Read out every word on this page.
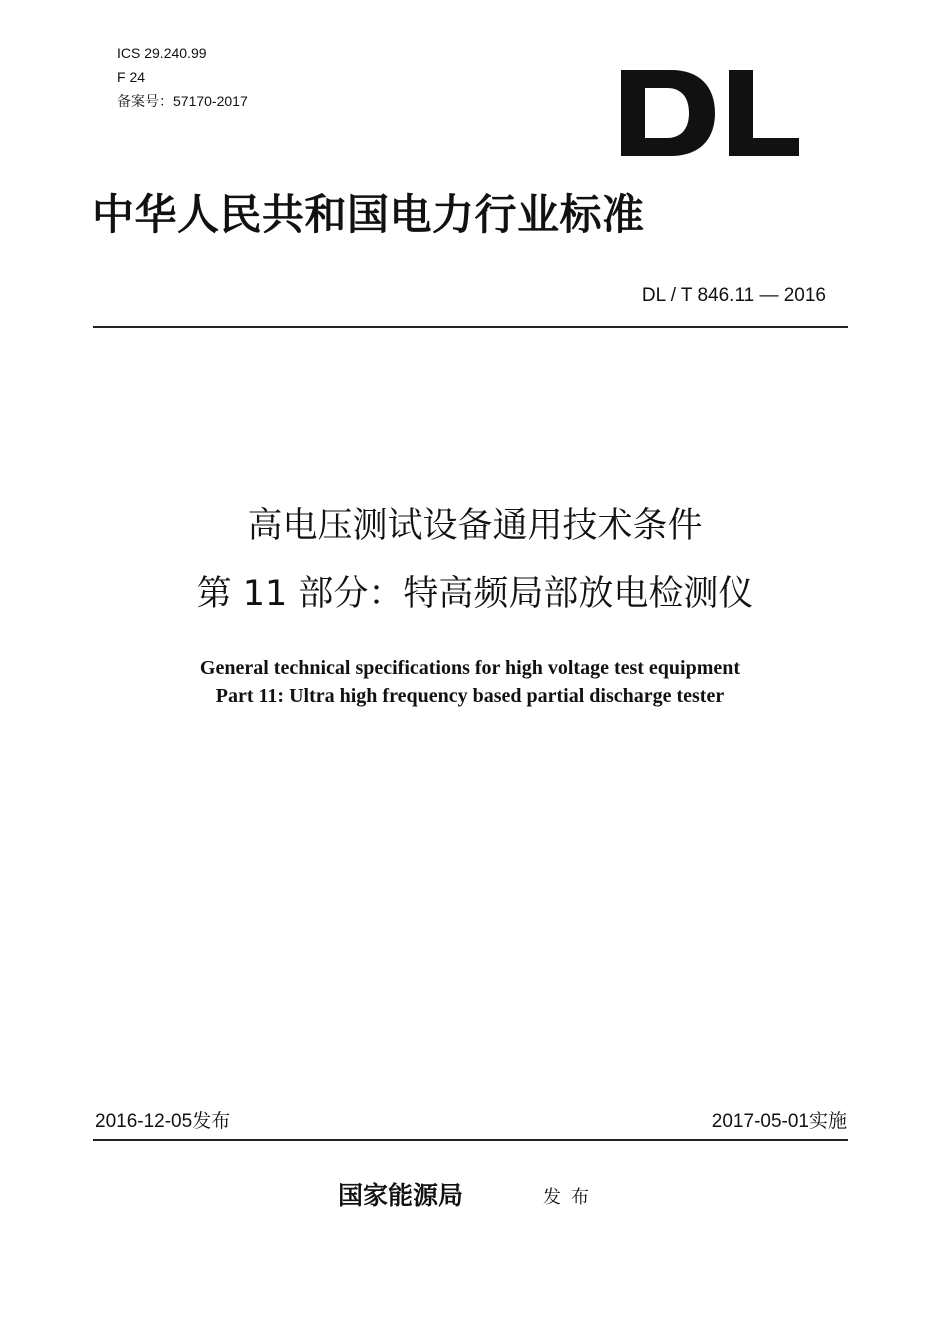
ICS 29.240.99
F 24
备案号：57170-2017
中华人民共和国电力行业标准
DL / T 846.11 — 2016
高电压测试设备通用技术条件
第 11 部分：特高频局部放电检测仪
General technical specifications for high voltage test equipment
Part 11: Ultra high frequency based partial discharge tester
2016-12-05发布	2017-05-01实施
国家能源局	发布
